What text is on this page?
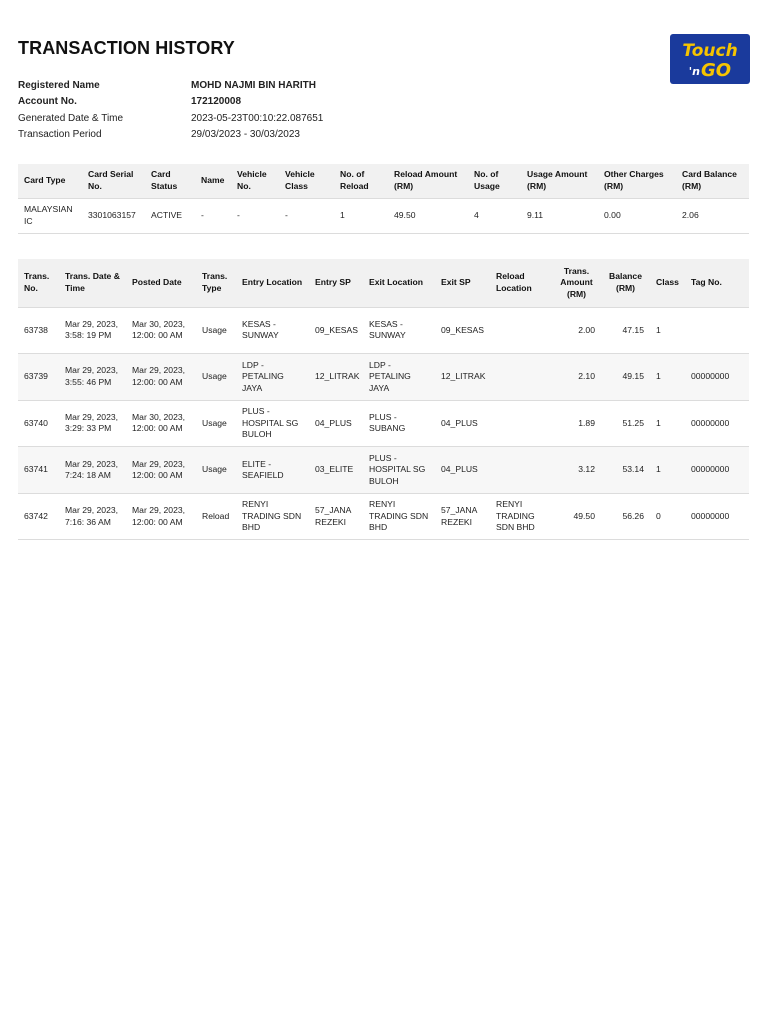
TRANSACTION HISTORY	Touch
'n GO
Registered Name	MOHD NAJMI BIN HARITH
Account No.	172120008
Generated Date & Time	2023-05-23T00:10:22.087651
Transaction Period	29/03/2023 - 30/03/2023
Card Type	Card Serial No.	Card Status	Name	Vehicle No.	Vehicle Class	No. of Reload	Reload Amount (RM)	No. of Usage	Usage Amount (RM)	Other Charges (RM)	Card Balance (RM)
MALAYSIAN IC	3301063157	ACTIVE	-	-	-	1	49.50	4	9.11	0.00	2.06
Trans. No.	Trans. Date & Time	Posted Date	Trans. Type	Entry Location	Entry SP	Exit Location	Exit SP	Reload Location	Trans. Amount (RM)	Balance (RM)	Class	Tag No.
63738	Mar 29, 2023, 3:58: 19 PM	Mar 30, 2023, 12:00: 00 AM	Usage	KESAS - SUNWAY	09_KESAS	KESAS - SUNWAY	09_KESAS		2.00	47.15	1	
63739	Mar 29, 2023, 3:55: 46 PM	Mar 29, 2023, 12:00: 00 AM	Usage	LDP - PETALING JAYA	12_LITRAK	LDP - PETALING JAYA	12_LITRAK		2.10	49.15	1	00000000
63740	Mar 29, 2023, 3:29: 33 PM	Mar 30, 2023, 12:00: 00 AM	Usage	PLUS - HOSPITAL SG BULOH	04_PLUS	PLUS - SUBANG	04_PLUS		1.89	51.25	1	00000000
63741	Mar 29, 2023, 7:24: 18 AM	Mar 29, 2023, 12:00: 00 AM	Usage	ELITE - SEAFIELD	03_ELITE	PLUS - HOSPITAL SG BULOH	04_PLUS		3.12	53.14	1	00000000
63742	Mar 29, 2023, 7:16: 36 AM	Mar 29, 2023, 12:00: 00 AM	Reload	RENYI TRADING SDN BHD	57_JANA REZEKI	RENYI TRADING SDN BHD	57_JANA REZEKI	RENYI TRADING SDN BHD	49.50	56.26	0	00000000
